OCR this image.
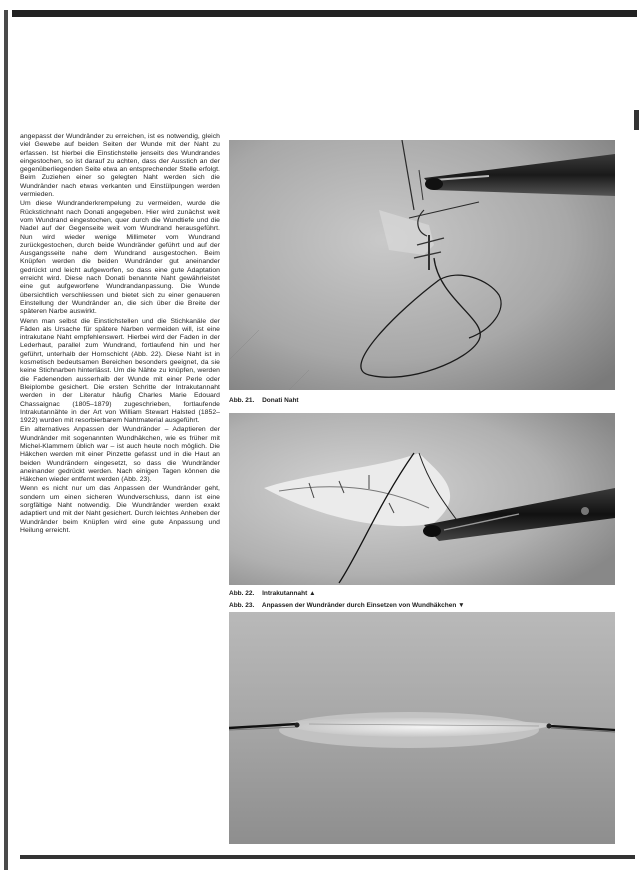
angepasst der Wundränder zu erreichen, ist es notwendig, gleich viel Gewebe auf beiden Seiten der Wunde mit der Naht zu erfassen. Ist hierbei die Einstichstelle jenseits des Wundrandes eingestochen, so ist darauf zu achten, dass der Ausstich an der gegenüberliegenden Seite etwa an entsprechender Stelle erfolgt. Beim Zuziehen einer so gelegten Naht werden sich die Wundränder nach etwas verkanten und Einstülpungen werden vermieden.

Um diese Wundranderkrempelung zu vermeiden, wurde die Rückstichnaht nach Donati angegeben. Hier wird zunächst weit vom Wundrand eingestochen, quer durch die Wundtiefe und die Nadel auf der Gegenseite weit vom Wundrand herausgeführt. Nun wird wieder wenige Millimeter vom Wundrand zurückgestochen, durch beide Wundränder geführt und auf der Ausgangsseite nahe dem Wundrand ausgestochen. Beim Knüpfen werden die beiden Wundränder gut aneinander gedrückt und leicht aufgeworfen, so dass eine gute Adaptation erreicht wird. Diese nach Donati benannte Naht gewährleistet eine gut aufgeworfene Wundrandanpassung. Die Wunde übersichtlich verschliessen und bietet sich zu einer genaueren Einstellung der Wundränder an, die sich über die Breite der späteren Narbe auswirkt.

Wenn man selbst die Einstichstellen und die Stichkanäle der Fäden als Ursache für spätere Narben vermeiden will, ist eine intrakutane Naht empfehlenswert. Hierbei wird der Faden in der Lederhaut, parallel zum Wundrand, fortlaufend hin und her geführt, unterhalb der Hornschicht (Abb. 22). Diese Naht ist in kosmetisch bedeutsamen Bereichen besonders geeignet, da sie keine Stichnarben hinterlässt. Um die Nähte zu knüpfen, werden die Fadenenden ausserhalb der Wunde mit einer Perle oder Bleiplombe gesichert. Die ersten Schritte der Intrakutannaht werden in der Literatur häufig Charles Marie Edouard Chassaignac (1805–1879) zugeschrieben, fortlaufende Intrakutannähte in der Art von William Stewart Halsted (1852–1922) wurden mit resorbierbarem Nahtmaterial ausgeführt.

Ein alternatives Anpassen der Wundränder – Adaptieren der Wundränder mit sogenannten Wundhäkchen, wie es früher mit Michel-Klammern üblich war – ist auch heute noch möglich. Die Häkchen werden mit einer Pinzette gefasst und in die Haut an beiden Wundrändern eingesetzt, so dass die Wundränder aneinander gedrückt werden. Nach einigen Tagen können die Häkchen wieder entfernt werden (Abb. 23).

Wenn es nicht nur um das Anpassen der Wundränder geht, sondern um einen sicheren Wundverschluss, dann ist eine sorgfältige Naht notwendig. Die Wundränder werden exakt adaptiert und mit der Naht gesichert. Durch leichtes Anheben der Wundränder beim Knüpfen wird eine gute Anpassung und Heilung erreicht.

Abb. 21. Donati Naht
Abb. 22. Intrakutannaht ▲
Abb. 23. Anpassen der Wundränder durch Einsetzen von Wundhäkchen ▼
